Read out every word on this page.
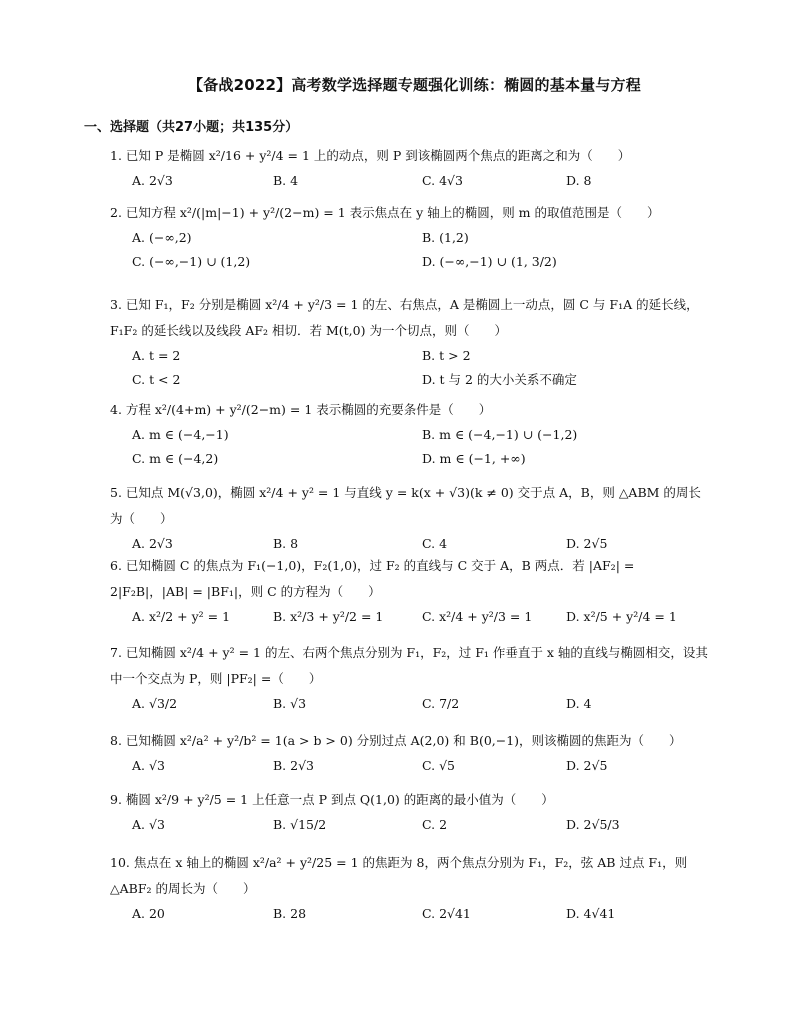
【备战2022】高考数学选择题专题强化训练：椭圆的基本量与方程
一、选择题（共27小题；共135分）
1. 已知 P 是椭圆 x²/16 + y²/4 = 1 上的动点，则 P 到该椭圆两个焦点的距离之和为（　　）
A. 2√3	B. 4	C. 4√3	D. 8
2. 已知方程 x²/(|m|−1) + y²/(2−m) = 1 表示焦点在 y 轴上的椭圆，则 m 的取值范围是（　　）
A. (−∞,2)	B. (1,2)
C. (−∞,−1) ∪ (1,2)	D. (−∞,−1) ∪ (1, 3/2)
3. 已知 F₁，F₂ 分别是椭圆 x²/4 + y²/3 = 1 的左、右焦点，A 是椭圆上一动点，圆 C 与 F₁A 的延长线，F₁F₂ 的延长线以及线段 AF₂ 相切．若 M(t,0) 为一个切点，则（　　）
A. t = 2	B. t > 2
C. t < 2	D. t 与 2 的大小关系不确定
4. 方程 x²/(4+m) + y²/(2−m) = 1 表示椭圆的充要条件是（　　）
A. m ∈ (−4,−1)	B. m ∈ (−4,−1) ∪ (−1,2)
C. m ∈ (−4,2)	D. m ∈ (−1, +∞)
5. 已知点 M(√3,0)，椭圆 x²/4 + y² = 1 与直线 y = k(x + √3)(k ≠ 0) 交于点 A，B，则 △ABM 的周长为（　　）
A. 2√3	B. 8	C. 4	D. 2√5
6. 已知椭圆 C 的焦点为 F₁(−1,0)，F₂(1,0)，过 F₂ 的直线与 C 交于 A，B 两点．若 |AF₂| = 2|F₂B|，|AB| = |BF₁|，则 C 的方程为（　　）
A. x²/2 + y² = 1	B. x²/3 + y²/2 = 1	C. x²/4 + y²/3 = 1	D. x²/5 + y²/4 = 1
7. 已知椭圆 x²/4 + y² = 1 的左、右两个焦点分别为 F₁，F₂，过 F₁ 作垂直于 x 轴的直线与椭圆相交，设其中一个交点为 P，则 |PF₂| =（　　）
A. √3/2	B. √3	C. 7/2	D. 4
8. 已知椭圆 x²/a² + y²/b² = 1(a > b > 0) 分别过点 A(2,0) 和 B(0,−1)，则该椭圆的焦距为（　　）
A. √3	B. 2√3	C. √5	D. 2√5
9. 椭圆 x²/9 + y²/5 = 1 上任意一点 P 到点 Q(1,0) 的距离的最小值为（　　）
A. √3	B. √15/2	C. 2	D. 2√5/3
10. 焦点在 x 轴上的椭圆 x²/a² + y²/25 = 1 的焦距为 8，两个焦点分别为 F₁，F₂，弦 AB 过点 F₁，则 △ABF₂ 的周长为（　　）
A. 20	B. 28	C. 2√41	D. 4√41
